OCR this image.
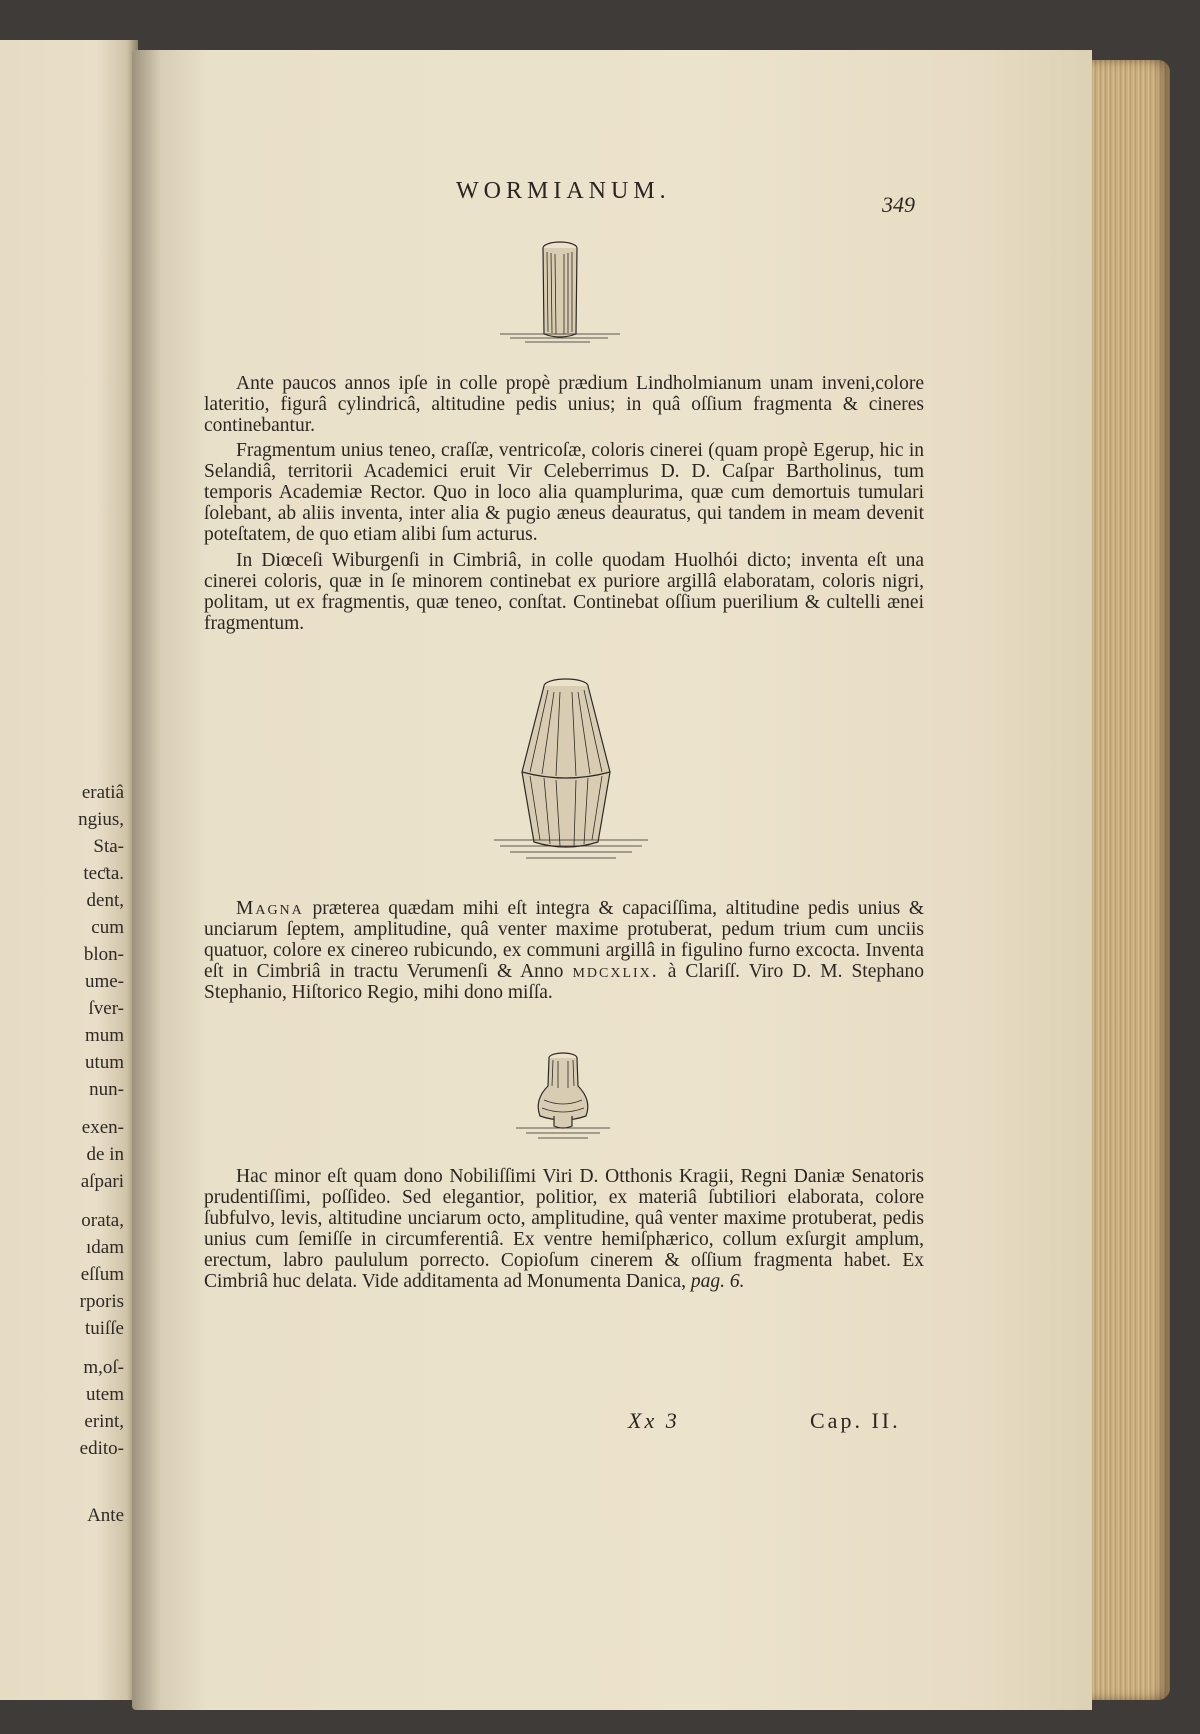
eratiâ
ngius,
Sta-
teƈta.
dent,
cum
blon-
ume-
ſver-
mum
utum
nun-
exen-
de in
aſpari
orata,
ıdam
eſſum
rporis
tuiſſe
m,oſ-
utem
erint,
edito-
Ante
WORMIANUM.
349

Ante paucos annos ipſe in colle propè prædium Lindholmianum unam inveni,colore lateritio, figurâ cylindricâ, altitudine pedis unius; in quâ oſſium fragmenta & cineres continebantur.

Fragmentum unius teneo, craſſæ, ventricoſæ, coloris cinerei (quam propè Egerup, hic in Selandiâ, territorii Academici eruit Vir Celeberrimus D. D. Caſpar Bartholinus, tum temporis Academiæ Rector. Quo in loco alia quamplurima, quæ cum demortuis tumulari ſolebant, ab aliis inventa, inter alia & pugio æneus deauratus, qui tandem in meam devenit poteſtatem, de quo etiam alibi ſum acturus.

In Diœceſi Wiburgenſi in Cimbriâ, in colle quodam Huolhói dicto; inventa eſt una cinerei coloris, quæ in ſe minorem continebat ex puriore argillâ elaboratam, coloris nigri, politam, ut ex fragmentis, quæ teneo, conſtat. Continebat oſſium puerilium & cultelli ænei fragmentum.

Magna præterea quædam mihi eſt integra & capaciſſima, altitudine pedis unius & unciarum ſeptem, amplitudine, quâ venter maxime protuberat, pedum trium cum unciis quatuor, colore ex cinereo rubicundo, ex communi argillâ in figulino furno excocta. Inventa eſt in Cimbriâ in tractu Verumenſi & Anno mdcxlix. à Clariſſ. Viro D. M. Stephano Stephanio, Hiſtorico Regio, mihi dono miſſa.

Hac minor eſt quam dono Nobiliſſimi Viri D. Otthonis Kragii, Regni Daniæ Senatoris prudentiſſimi, poſſideo. Sed elegantior, politior, ex materiâ ſubtiliori elaborata, colore ſubfulvo, levis, altitudine unciarum octo, amplitudine, quâ venter maxime protuberat, pedis unius cum ſemiſſe in circumferentiâ. Ex ventre hemiſphærico, collum exſurgit amplum, erectum, labro paululum porrecto. Copioſum cinerem & oſſium fragmenta habet. Ex Cimbriâ huc delata. Vide additamenta ad Monumenta Danica, pag. 6.

Xx 3	Cap. II.
